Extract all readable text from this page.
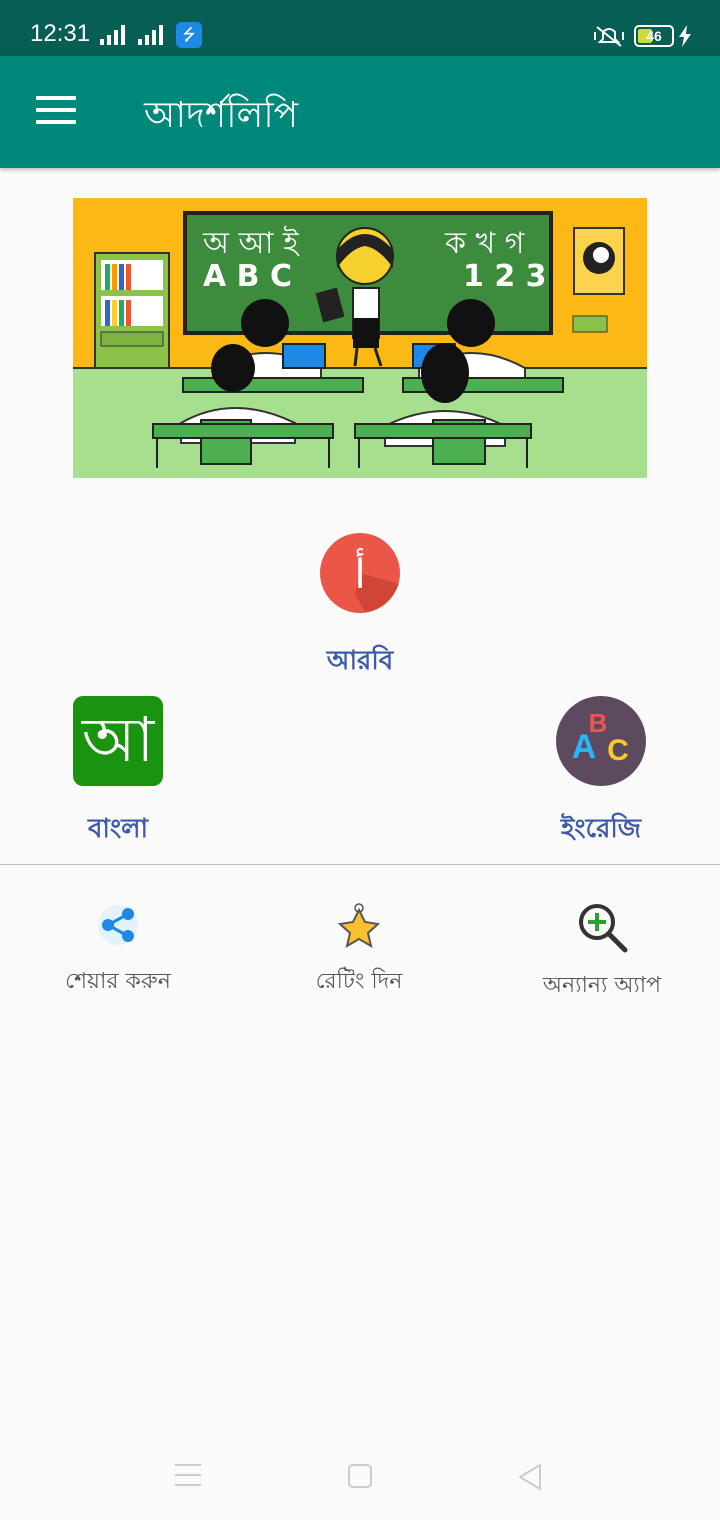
12:31	⭍	46
আদর্শলিপি
অ আ ই
A B C
ক খ গ
1 2 3
أ
আরবি
আ
বাংলা
B
A C
ইংরেজি
শেয়ার করুন	রেটিং দিন	অন্যান্য অ্যাপ
